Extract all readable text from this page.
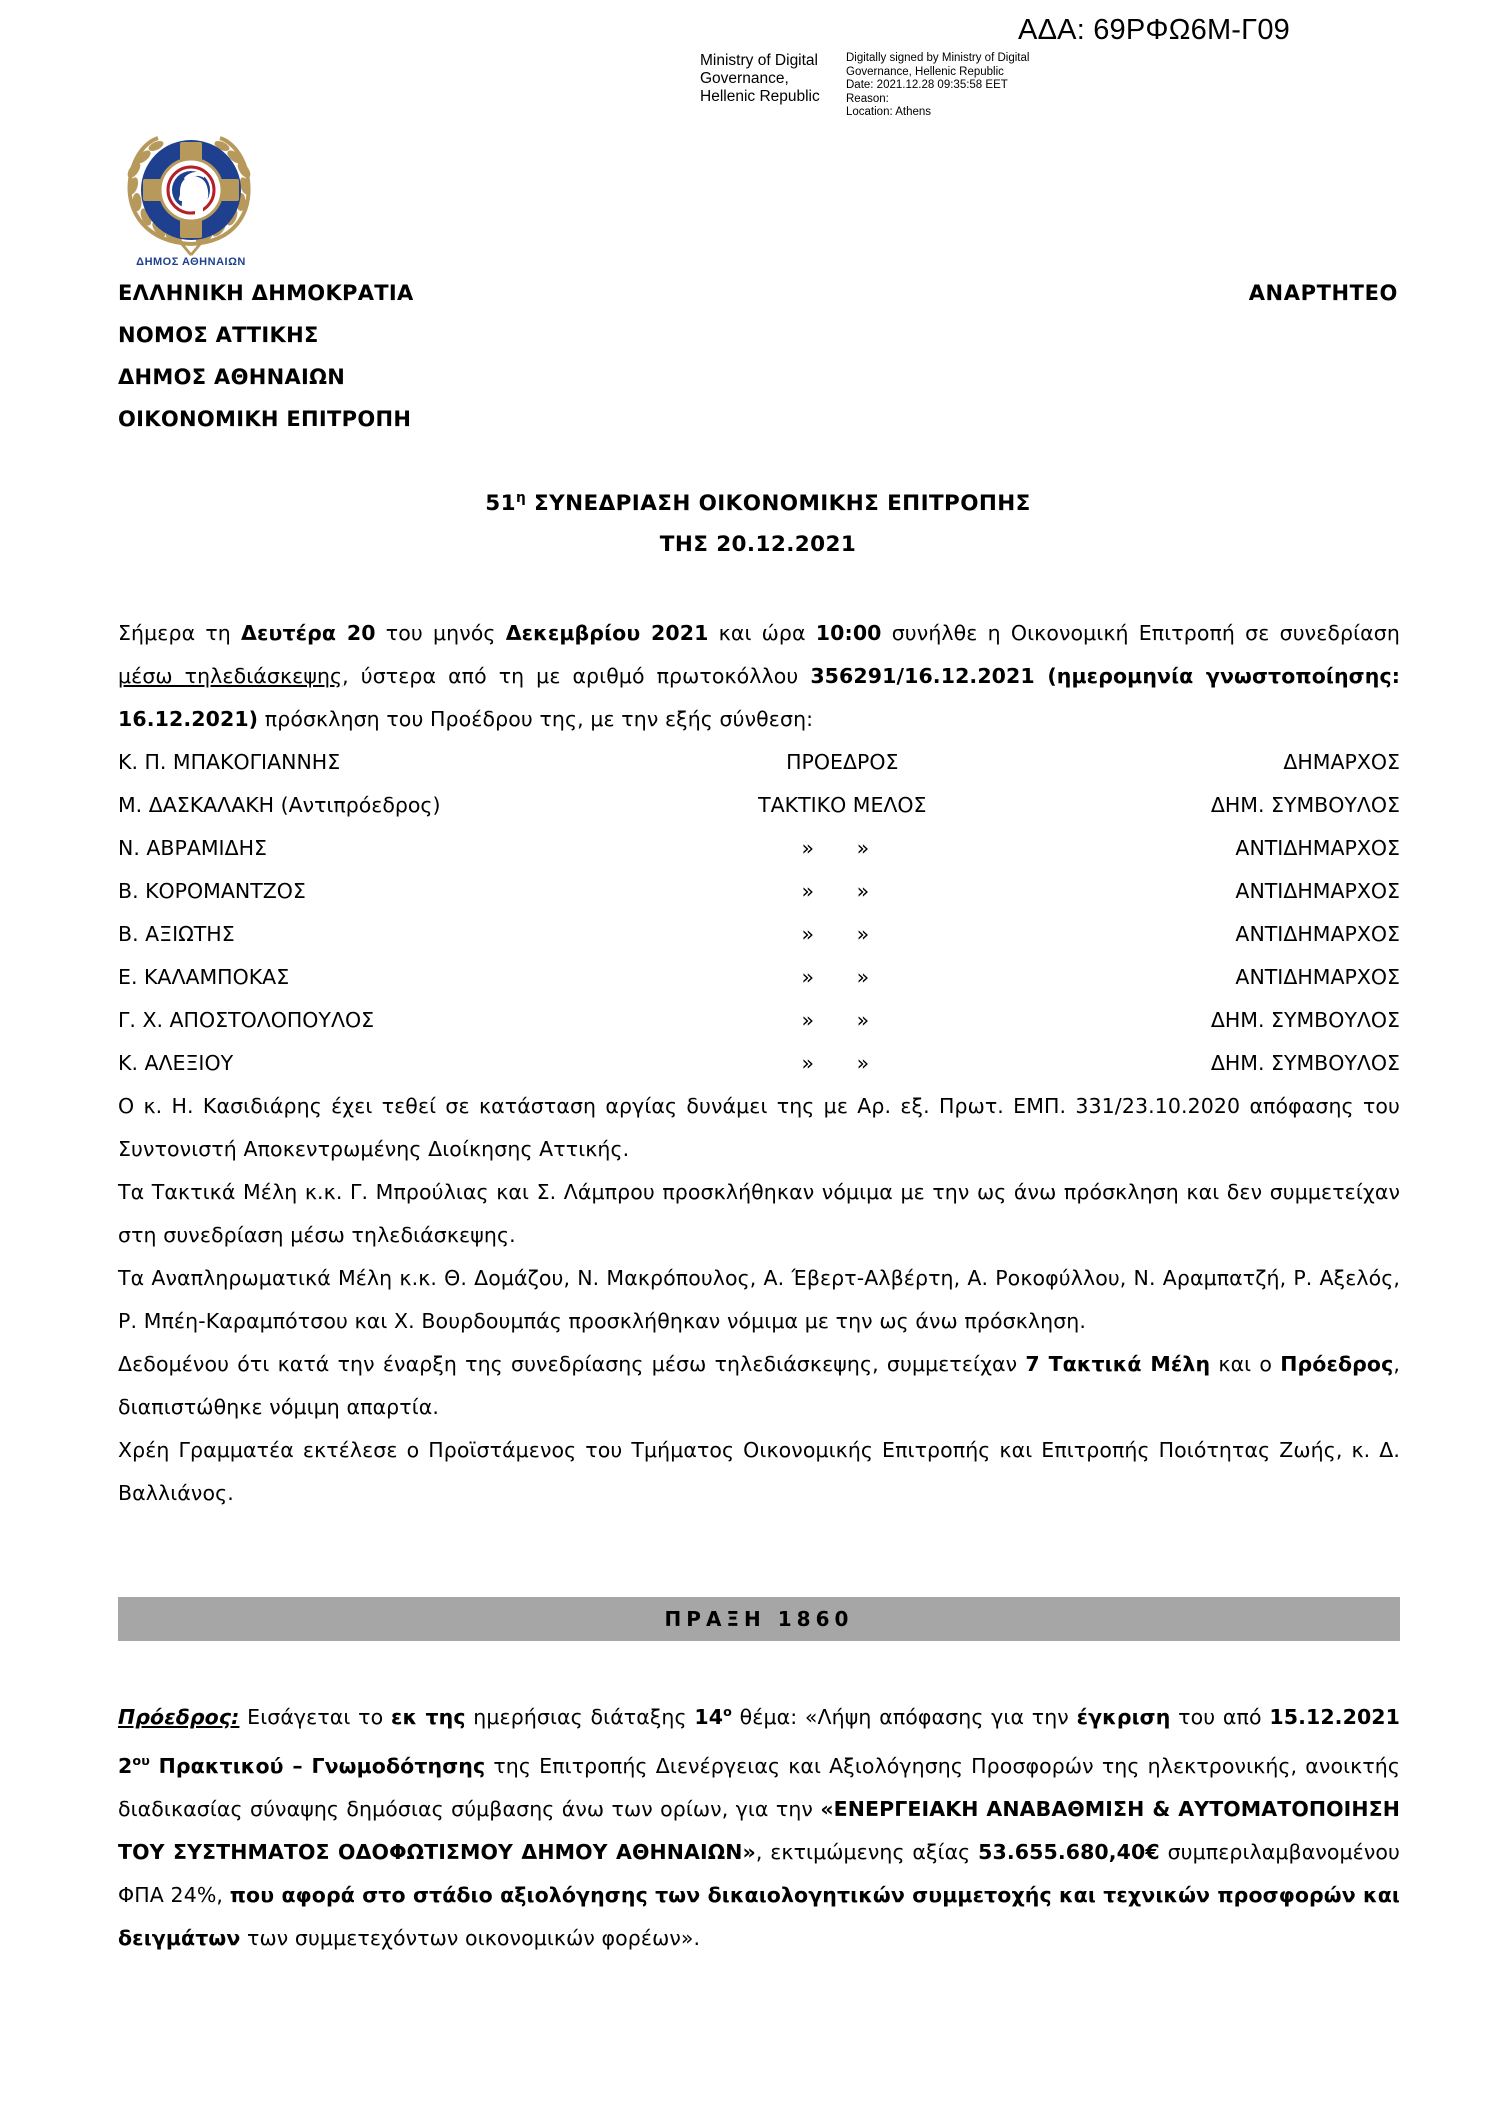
ΑΔΑ: 69ΡΦΩ6Μ-Γ09
Ministry of Digital Governance, Hellenic Republic
Digitally signed by Ministry of Digital Governance, Hellenic Republic
Date: 2021.12.28 09:35:58 EET
Reason:
Location: Athens
ΔΗΜΟΣ ΑΘΗΝΑΙΩΝ
ΕΛΛΗΝΙΚΗ ΔΗΜΟΚΡΑΤΙΑ	ΑΝΑΡΤΗΤΕΟ
ΝΟΜΟΣ ΑΤΤΙΚΗΣ
ΔΗΜΟΣ ΑΘΗΝΑΙΩΝ
ΟΙΚΟΝΟΜΙΚΗ ΕΠΙΤΡΟΠΗ
$51^\eta$ ΣΥΝΕΔΡΙΑΣΗ ΟΙΚΟΝΟΜΙΚΗΣ ΕΠΙΤΡΟΠΗΣ
ΤΗΣ 20.12.2021

Σήμερα τη Δευτέρα 20 του μηνός Δεκεμβρίου 2021 και ώρα 10:00 συνήλθε η Οικονομική Επιτροπή σε συνεδρίαση μέσω τηλεδιάσκεψης, ύστερα από τη με αριθμό πρωτοκόλλου 356291/16.12.2021 (ημερομηνία γνωστοποίησης: 16.12.2021) πρόσκληση του Προέδρου της, με την εξής σύνθεση:

Κ. Π. ΜΠΑΚΟΓΙΑΝΝΗΣ	ΠΡΟΕΔΡΟΣ	ΔΗΜΑΡΧΟΣ
Μ. ΔΑΣΚΑΛΑΚΗ (Αντιπρόεδρος)	ΤΑΚΤΙΚΟ ΜΕΛΟΣ	ΔΗΜ. ΣΥΜΒΟΥΛΟΣ
Ν. ΑΒΡΑΜΙΔΗΣ	» »	ΑΝΤΙΔΗΜΑΡΧΟΣ
Β. ΚΟΡΟΜΑΝΤΖΟΣ	» »	ΑΝΤΙΔΗΜΑΡΧΟΣ
Β. ΑΞΙΩΤΗΣ	» »	ΑΝΤΙΔΗΜΑΡΧΟΣ
Ε. ΚΑΛΑΜΠΟΚΑΣ	» »	ΑΝΤΙΔΗΜΑΡΧΟΣ
Γ. Χ. ΑΠΟΣΤΟΛΟΠΟΥΛΟΣ	» »	ΔΗΜ. ΣΥΜΒΟΥΛΟΣ
Κ. ΑΛΕΞΙΟΥ	» »	ΔΗΜ. ΣΥΜΒΟΥΛΟΣ

Ο κ. Η. Κασιδιάρης έχει τεθεί σε κατάσταση αργίας δυνάμει της με Αρ. εξ. Πρωτ. ΕΜΠ. 331/23.10.2020 απόφασης του Συντονιστή Αποκεντρωμένης Διοίκησης Αττικής.

Τα Τακτικά Μέλη κ.κ. Γ. Μπρούλιας και Σ. Λάμπρου προσκλήθηκαν νόμιμα με την ως άνω πρόσκληση και δεν συμμετείχαν στη συνεδρίαση μέσω τηλεδιάσκεψης.

Τα Αναπληρωματικά Μέλη κ.κ. Θ. Δομάζου, Ν. Μακρόπουλος, Α. Έβερτ-Αλβέρτη, Α. Ροκοφύλλου, Ν. Αραμπατζή, Ρ. Αξελός, Ρ. Μπέη-Καραμπότσου και Χ. Βουρδουμπάς προσκλήθηκαν νόμιμα με την ως άνω πρόσκληση.

Δεδομένου ότι κατά την έναρξη της συνεδρίασης μέσω τηλεδιάσκεψης, συμμετείχαν 7 Τακτικά Μέλη και ο Πρόεδρος, διαπιστώθηκε νόμιμη απαρτία.

Χρέη Γραμματέα εκτέλεσε ο Προϊστάμενος του Τμήματος Οικονομικής Επιτροπής και Επιτροπής Ποιότητας Ζωής, κ. Δ. Βαλλιάνος.

ΠΡΑΞΗ 1860

Πρόεδρος: Εισάγεται το εκ της ημερήσιας διάταξης $14^o$ θέμα: «Λήψη απόφασης για την έγκριση του από 15.12.2021 $2^{o\upsilon}$ Πρακτικού – Γνωμοδότησης της Επιτροπής Διενέργειας και Αξιολόγησης Προσφορών της ηλεκτρονικής, ανοικτής διαδικασίας σύναψης δημόσιας σύμβασης άνω των ορίων, για την «ΕΝΕΡΓΕΙΑΚΗ ΑΝΑΒΑΘΜΙΣΗ & ΑΥΤΟΜΑΤΟΠΟΙΗΣΗ ΤΟΥ ΣΥΣΤΗΜΑΤΟΣ ΟΔΟΦΩΤΙΣΜΟΥ ΔΗΜΟΥ ΑΘΗΝΑΙΩΝ», εκτιμώμενης αξίας 53.655.680,40€ συμπεριλαμβανομένου ΦΠΑ 24%, που αφορά στο στάδιο αξιολόγησης των δικαιολογητικών συμμετοχής και τεχνικών προσφορών και δειγμάτων των συμμετεχόντων οικονομικών φορέων».
